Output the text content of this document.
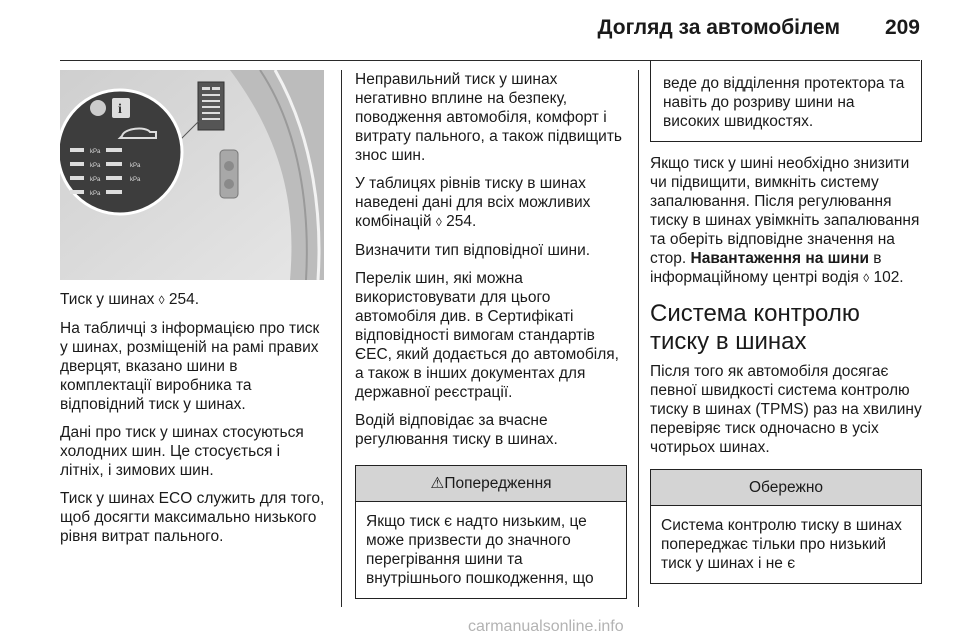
Догляд за автомобілем 209
i
kPa
kPa
kPa
kPa
kPa
kPa

Тиск у шинах ◊ 254.

На табличці з інформацією про тиск у шинах, розміщеній на рамі правих дверцят, вказано шини в комплектації виробника та відповідний тиск у шинах.

Дані про тиск у шинах стосуються холодних шин. Це стосується і літніх, і зимових шин.

Тиск у шинах ECO служить для того, щоб досягти максимально низького рівня витрат пального.

Неправильний тиск у шинах негативно вплине на безпеку, поводження автомобіля, комфорт і витрату пального, а також підвищить знос шин.

У таблицях рівнів тиску в шинах наведені дані для всіх можливих комбінацій ◊ 254.

Визначити тип відповідної шини.

Перелік шин, які можна використовувати для цього автомобіля див. в Сертифікаті відповідності вимогам стандартів ЄЕС, який додається до автомобіля, а також в інших документах для державної реєстрації.

Водій відповідає за вчасне регулювання тиску в шинах.

⚠Попередження

Якщо тиск є надто низьким, це може призвести до значного перегрівання шини та внутрішнього пошкодження, що

веде до відділення протектора та навіть до розриву шини на високих швидкостях.

Якщо тиск у шині необхідно знизити чи підвищити, вимкніть систему запалювання. Після регулювання тиску в шинах увімкніть запалювання та оберіть відповідне значення на стор. Навантаження на шини в інформаційному центрі водія ◊ 102.

Система контролю тиску в шинах

Після того як автомобіля досягає певної швидкості система контролю тиску в шинах (TPMS) раз на хвилину перевіряє тиск одночасно в усіх чотирьох шинах.

Обережно

Система контролю тиску в шинах попереджає тільки про низький тиск у шинах і не є

carmanualsonline.info
